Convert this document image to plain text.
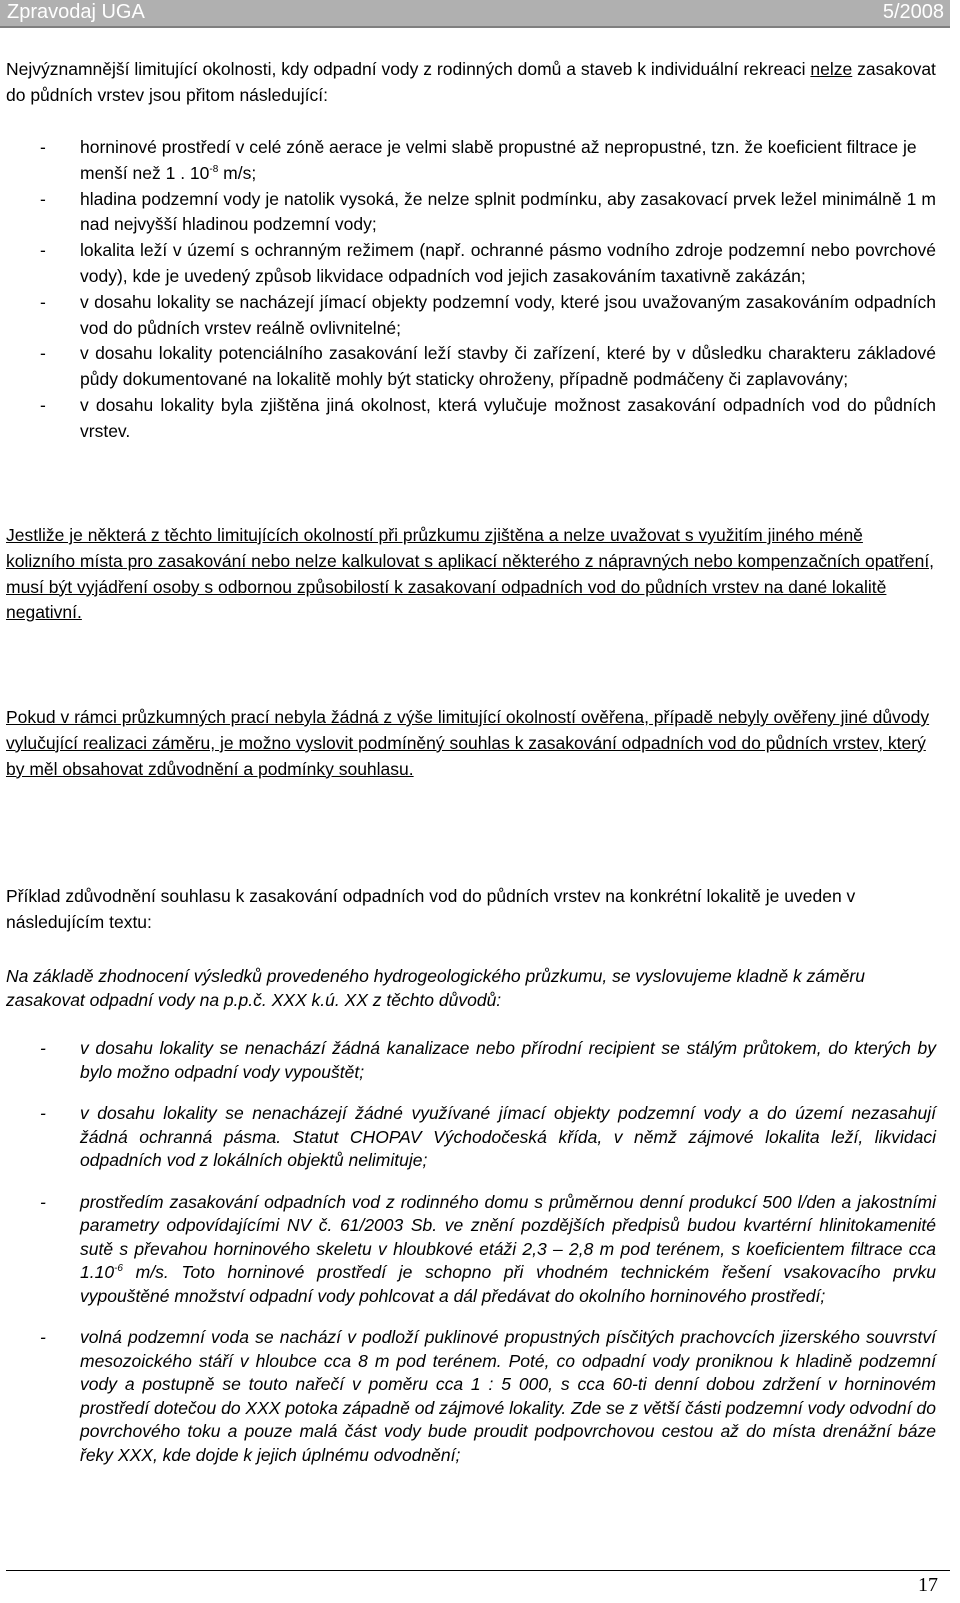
Zpravodaj UGA	5/2008
Nejvýznamnější limitující okolnosti, kdy odpadní vody z rodinných domů a staveb k individuální rekreaci nelze zasakovat do půdních vrstev jsou přitom následující:
- horninové prostředí v celé zóně aerace je velmi slabě propustné až nepropustné, tzn. že koeficient filtrace je menší než 1 . $10^{-8}$ m/s;
- hladina podzemní vody je natolik vysoká, že nelze splnit podmínku, aby zasakovací prvek ležel minimálně 1 m nad nejvyšší hladinou podzemní vody;
- lokalita leží v území s ochranným režimem (např. ochranné pásmo vodního zdroje podzemní nebo povrchové vody), kde je uvedený způsob likvidace odpadních vod jejich zasakováním taxativně zakázán;
- v dosahu lokality se nacházejí jímací objekty podzemní vody, které jsou uvažovaným zasakováním odpadních vod do půdních vrstev reálně ovlivnitelné;
- v dosahu lokality potenciálního zasakování leží stavby či zařízení, které by v důsledku charakteru základové půdy dokumentované na lokalitě mohly být staticky ohroženy, případně podmáčeny či zaplavovány;
- v dosahu lokality byla zjištěna jiná okolnost, která vylučuje možnost zasakování odpadních vod do půdních vrstev.
Jestliže je některá z těchto limitujících okolností při průzkumu zjištěna a nelze uvažovat s využitím jiného méně kolizního místa pro zasakování nebo nelze kalkulovat s aplikací některého z nápravných nebo kompenzačních opatření, musí být vyjádření osoby s odbornou způsobilostí k zasakovaní odpadních vod do půdních vrstev na dané lokalitě negativní.
Pokud v rámci průzkumných prací nebyla žádná z výše limitující okolností ověřena, případě nebyly ověřeny jiné důvody vylučující realizaci záměru, je možno vyslovit podmíněný souhlas k zasakování odpadních vod do půdních vrstev, který by měl obsahovat zdůvodnění a podmínky souhlasu.
Příklad zdůvodnění souhlasu k zasakování odpadních vod do půdních vrstev na konkrétní lokalitě je uveden v následujícím textu:
Na základě zhodnocení výsledků provedeného hydrogeologického průzkumu, se vyslovujeme kladně k záměru zasakovat odpadní vody na p.p.č. XXX k.ú. XX z těchto důvodů:
- v dosahu lokality se nenachází žádná kanalizace nebo přírodní recipient se stálým průtokem, do kterých by bylo možno odpadní vody vypouštět;
- v dosahu lokality se nenacházejí žádné využívané jímací objekty podzemní vody a do území nezasahují žádná ochranná pásma. Statut CHOPAV Východočeská křída, v němž zájmové lokalita leží, likvidaci odpadních vod z lokálních objektů nelimituje;
- prostředím zasakování odpadních vod z rodinného domu s průměrnou denní produkcí 500 l/den a jakostními parametry odpovídajícími NV č. 61/2003 Sb. ve znění pozdějších předpisů budou kvartérní hlinitokamenité sutě s převahou horninového skeletu v hloubkové etáži 2,3 – 2,8 m pod terénem, s koeficientem filtrace cca $1.10^{-6}$ m/s. Toto horninové prostředí je schopno při vhodném technickém řešení vsakovacího prvku vypouštěné množství odpadní vody pohlcovat a dál předávat do okolního horninového prostředí;
- volná podzemní voda se nachází v podloží puklinové propustných písčitých prachovcích jizerského souvrství mesozoického stáří v hloubce cca 8 m pod terénem. Poté, co odpadní vody proniknou k hladině podzemní vody a postupně se touto nařečí v poměru cca 1 : 5 000, s cca 60-ti denní dobou zdržení v horninovém prostředí dotečou do XXX potoka západně od zájmové lokality. Zde se z větší části podzemní vody odvodní do povrchového toku a pouze malá část vody bude proudit podpovrchovou cestou až do místa drenážní báze řeky XXX, kde dojde k jejich úplnému odvodnění;
17
